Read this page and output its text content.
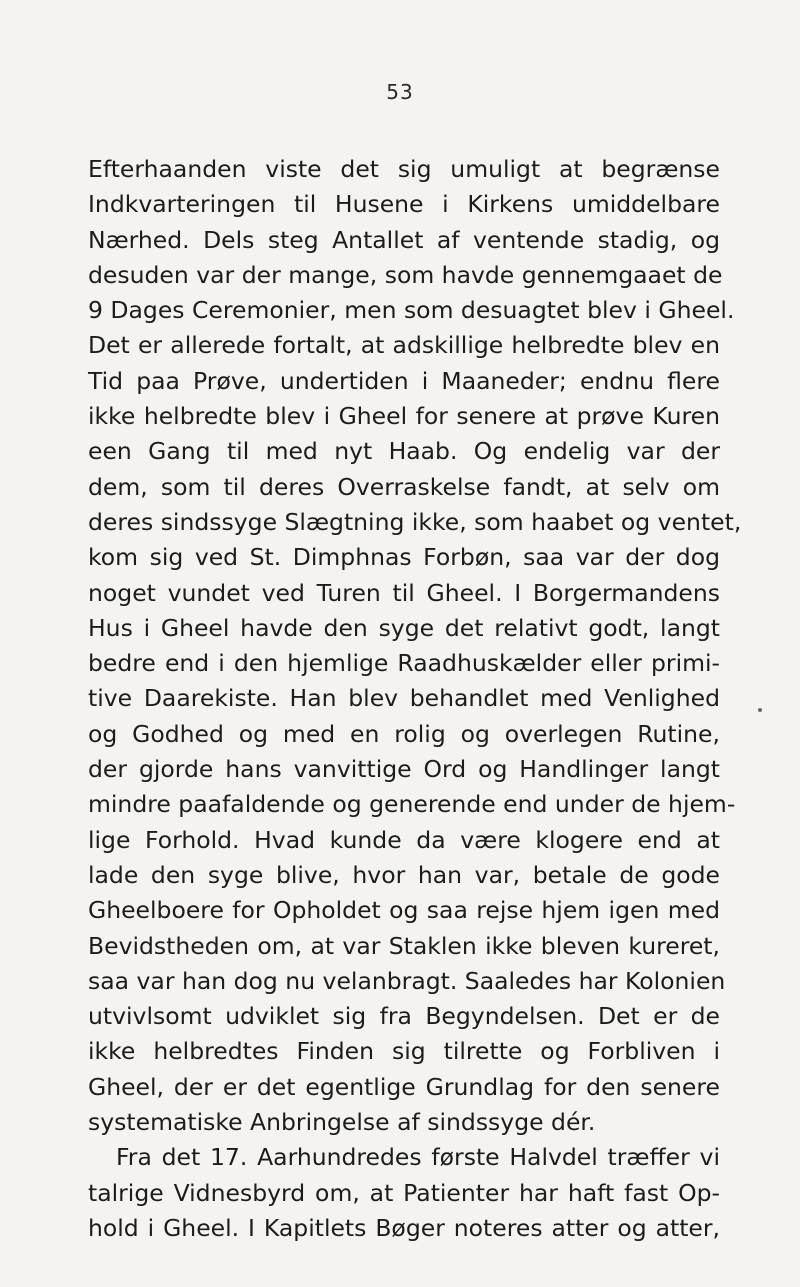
53
Efterhaanden viste det sig umuligt at begrænse
Indkvarteringen til Husene i Kirkens umiddelbare
Nærhed. Dels steg Antallet af ventende stadig, og
desuden var der mange, som havde gennemgaaet de
9 Dages Ceremonier, men som desuagtet blev i Gheel.
Det er allerede fortalt, at adskillige helbredte blev en
Tid paa Prøve, undertiden i Maaneder; endnu flere
ikke helbredte blev i Gheel for senere at prøve Kuren
een Gang til med nyt Haab. Og endelig var der
dem, som til deres Overraskelse fandt, at selv om
deres sindssyge Slægtning ikke, som haabet og ventet,
kom sig ved St. Dimphnas Forbøn, saa var der dog
noget vundet ved Turen til Gheel. I Borgermandens
Hus i Gheel havde den syge det relativt godt, langt
bedre end i den hjemlige Raadhuskælder eller primi-
tive Daarekiste. Han blev behandlet med Venlighed
og Godhed og med en rolig og overlegen Rutine,
der gjorde hans vanvittige Ord og Handlinger langt
mindre paafaldende og generende end under de hjem-
lige Forhold. Hvad kunde da være klogere end at
lade den syge blive, hvor han var, betale de gode
Gheelboere for Opholdet og saa rejse hjem igen med
Bevidstheden om, at var Staklen ikke bleven kureret,
saa var han dog nu velanbragt. Saaledes har Kolonien
utvivlsomt udviklet sig fra Begyndelsen. Det er de
ikke helbredtes Finden sig tilrette og Forbliven i
Gheel, der er det egentlige Grundlag for den senere
systematiske Anbringelse af sindssyge dér.
Fra det 17. Aarhundredes første Halvdel træffer vi
talrige Vidnesbyrd om, at Patienter har haft fast Op-
hold i Gheel. I Kapitlets Bøger noteres atter og atter,
